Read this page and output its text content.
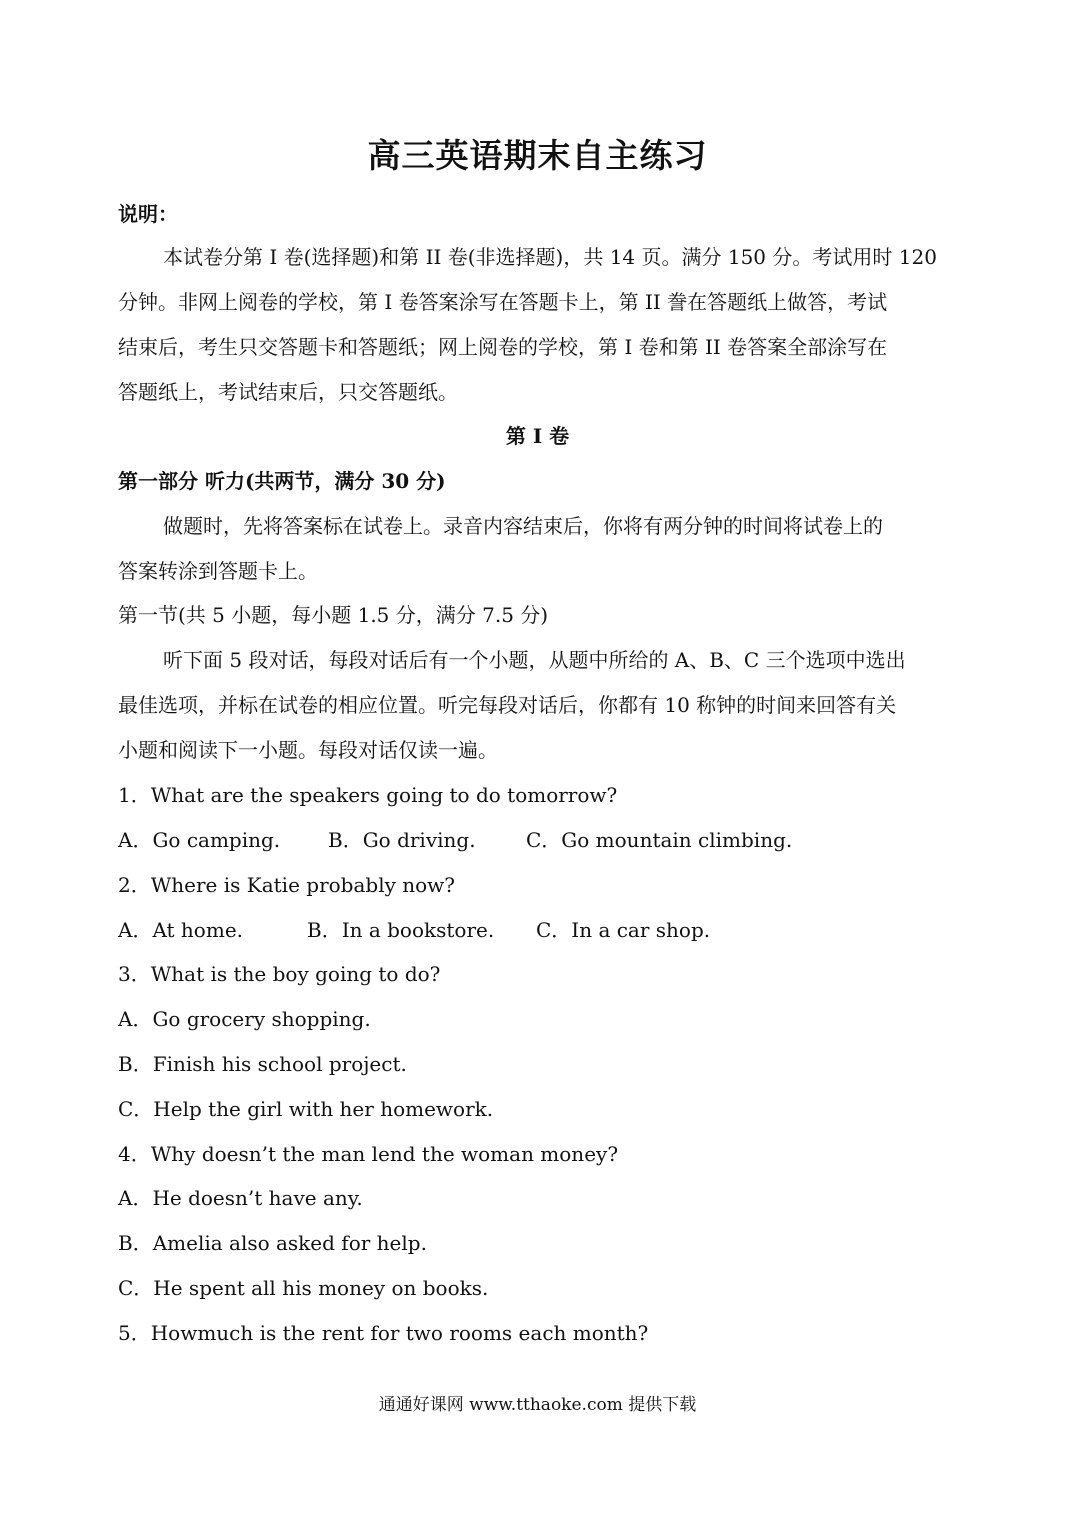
高三英语期末自主练习
说明：
本试卷分第 I 卷(选择题)和第 II 卷(非选择题)，共 14 页。满分 150 分。考试用时 120
分钟。非网上阅卷的学校，第 I 卷答案涂写在答题卡上，第 II 誊在答题纸上做答，考试
结束后，考生只交答题卡和答题纸；网上阅卷的学校，第 I 卷和第 II 卷答案全部涂写在
答题纸上，考试结束后，只交答题纸。
第 I 卷
第一部分 听力(共两节，满分 30 分)
做题时，先将答案标在试卷上。录音内容结束后，你将有两分钟的时间将试卷上的
答案转涂到答题卡上。
第一节(共 5 小题，每小题 1.5 分，满分 7.5 分)
听下面 5 段对话，每段对话后有一个小题，从题中所给的 A、B、C 三个选项中选出
最佳选项，并标在试卷的相应位置。听完每段对话后，你都有 10 称钟的时间来回答有关
小题和阅读下一小题。每段对话仅读一遍。
1．What are the speakers going to do tomorrow?
A．Go camping. B．Go driving.	C．Go mountain climbing.
2．Where is Katie probably now?
A．At home.	B．In a bookstore. C．In a car shop.
3．What is the boy going to do?
A．Go grocery shopping.
B．Finish his school project.
C．Help the girl with her homework.
4．Why doesn’t the man lend the woman money?
A．He doesn’t have any.
B．Amelia also asked for help.
C．He spent all his money on books.
5．Howmuch is the rent for two rooms each month?
通通好课网 www.tthaoke.com 提供下载
